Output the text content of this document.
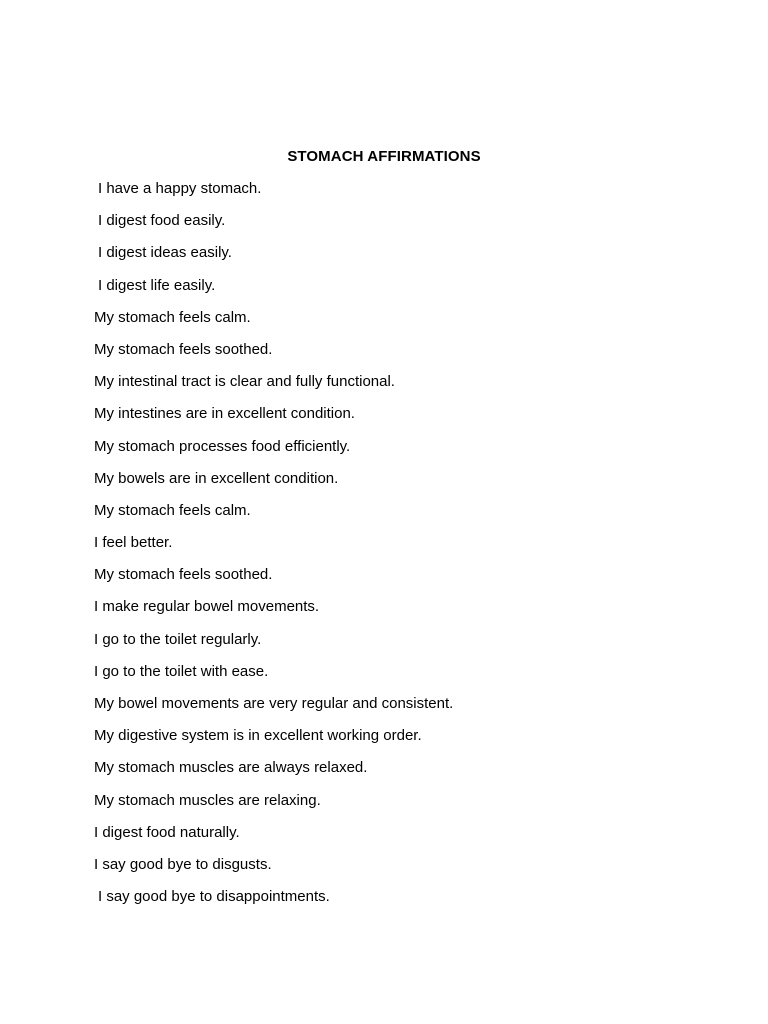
STOMACH AFFIRMATIONS
I have a happy stomach.
I digest food easily.
I digest ideas easily.
I digest life easily.
My stomach feels calm.
My stomach feels soothed.
My intestinal tract is clear and fully functional.
My intestines are in excellent condition.
My stomach processes food efficiently.
My bowels are in excellent condition.
My stomach feels calm.
I feel better.
My stomach feels soothed.
I make regular bowel movements.
I go to the toilet regularly.
I go to the toilet with ease.
My bowel movements are very regular and consistent.
My digestive system is in excellent working order.
My stomach muscles are always relaxed.
My stomach muscles are relaxing.
I digest food naturally.
I say good bye to disgusts.
I say good bye to disappointments.
